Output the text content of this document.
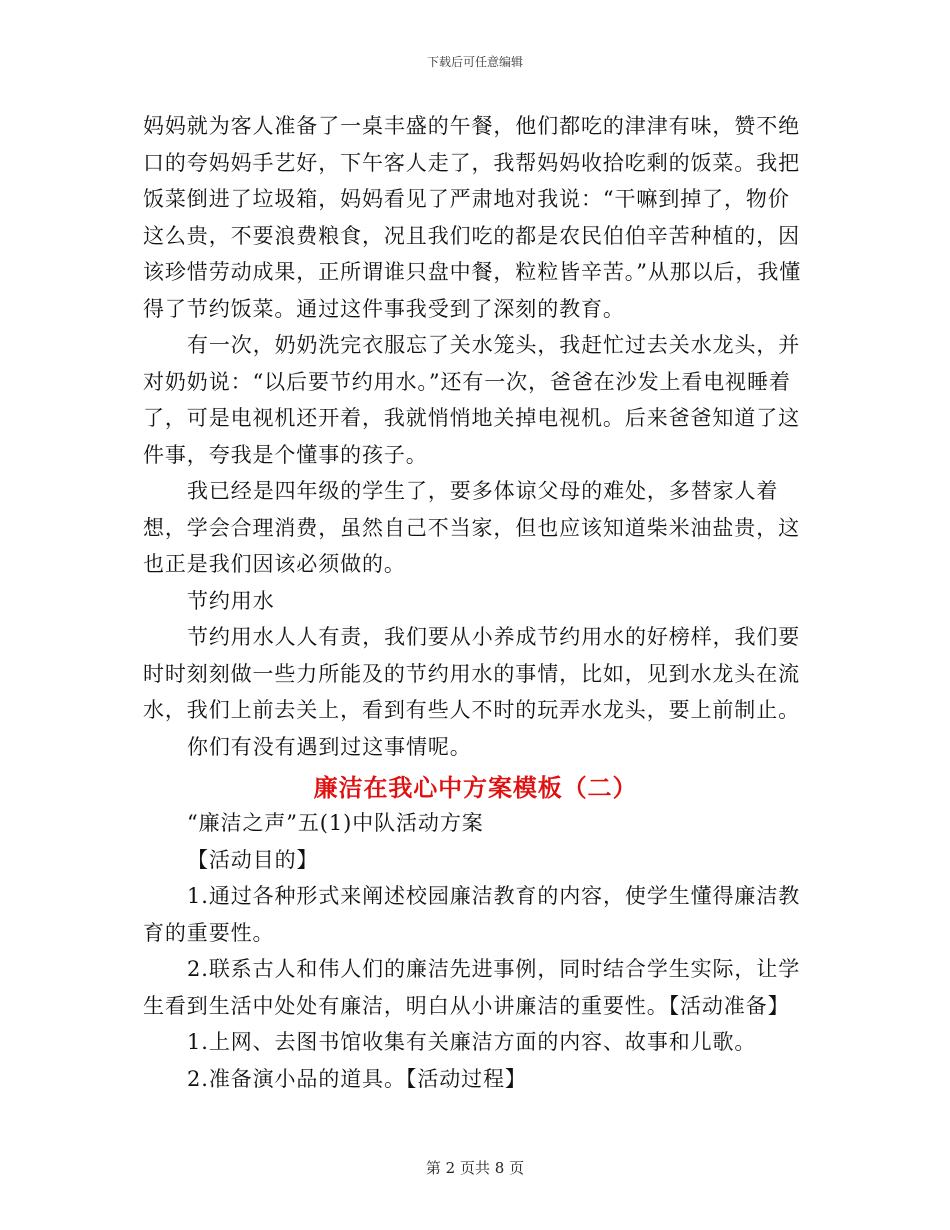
下载后可任意编辑

妈妈就为客人准备了一桌丰盛的午餐，他们都吃的津津有味，赞不绝口的夸妈妈手艺好，下午客人走了，我帮妈妈收拾吃剩的饭菜。我把饭菜倒进了垃圾箱，妈妈看见了严肃地对我说：“干嘛到掉了，物价这么贵，不要浪费粮食，况且我们吃的都是农民伯伯辛苦种植的，因该珍惜劳动成果，正所谓谁只盘中餐，粒粒皆辛苦。”从那以后，我懂得了节约饭菜。通过这件事我受到了深刻的教育。

有一次，奶奶洗完衣服忘了关水笼头，我赶忙过去关水龙头，并对奶奶说：“以后要节约用水。”还有一次，爸爸在沙发上看电视睡着了，可是电视机还开着，我就悄悄地关掉电视机。后来爸爸知道了这件事，夸我是个懂事的孩子。

我已经是四年级的学生了，要多体谅父母的难处，多替家人着想，学会合理消费，虽然自己不当家，但也应该知道柴米油盐贵，这也正是我们因该必须做的。

节约用水

节约用水人人有责，我们要从小养成节约用水的好榜样，我们要时时刻刻做一些力所能及的节约用水的事情，比如，见到水龙头在流水，我们上前去关上，看到有些人不时的玩弄水龙头，要上前制止。

你们有没有遇到过这事情呢。

廉洁在我心中方案模板（二）

“廉洁之声”五(1)中队活动方案

【活动目的】

1.通过各种形式来阐述校园廉洁教育的内容，使学生懂得廉洁教育的重要性。

2.联系古人和伟人们的廉洁先进事例，同时结合学生实际，让学生看到生活中处处有廉洁，明白从小讲廉洁的重要性。【活动准备】

1.上网、去图书馆收集有关廉洁方面的内容、故事和儿歌。

2.准备演小品的道具。【活动过程】

第 2 页共 8 页
